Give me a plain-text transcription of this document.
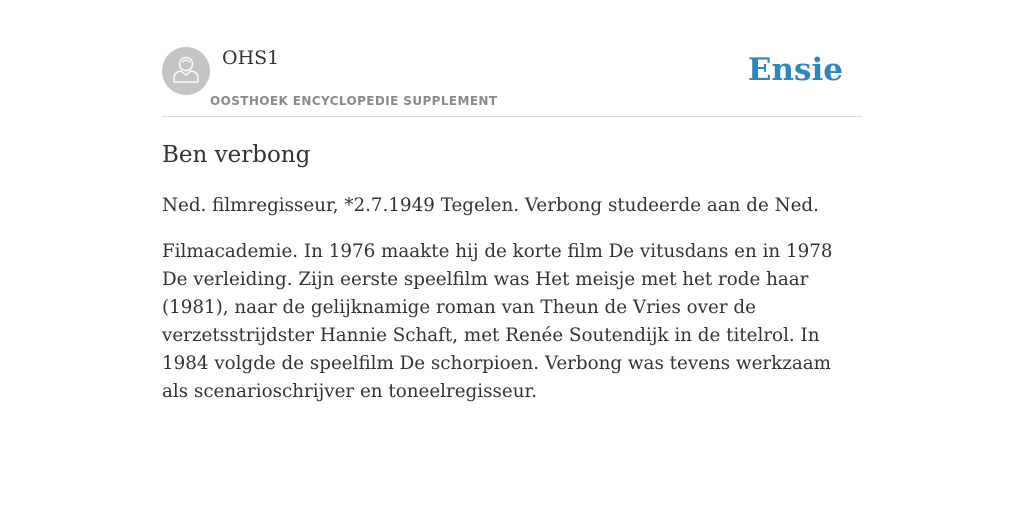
OHS1
OOSTHOEK ENCYCLOPEDIE SUPPLEMENT
Ensie
Ben verbong

Ned. filmregisseur, *2.7.1949 Tegelen. Verbong studeerde aan de Ned.

Filmacademie. In 1976 maakte hij de korte film De vitusdans en in 1978 De verleiding. Zijn eerste speelfilm was Het meisje met het rode haar (1981), naar de gelijknamige roman van Theun de Vries over de verzetsstrijdster Hannie Schaft, met Renée Soutendijk in de titelrol. In 1984 volgde de speelfilm De schorpioen. Verbong was tevens werkzaam als scenarioschrijver en toneelregisseur.
